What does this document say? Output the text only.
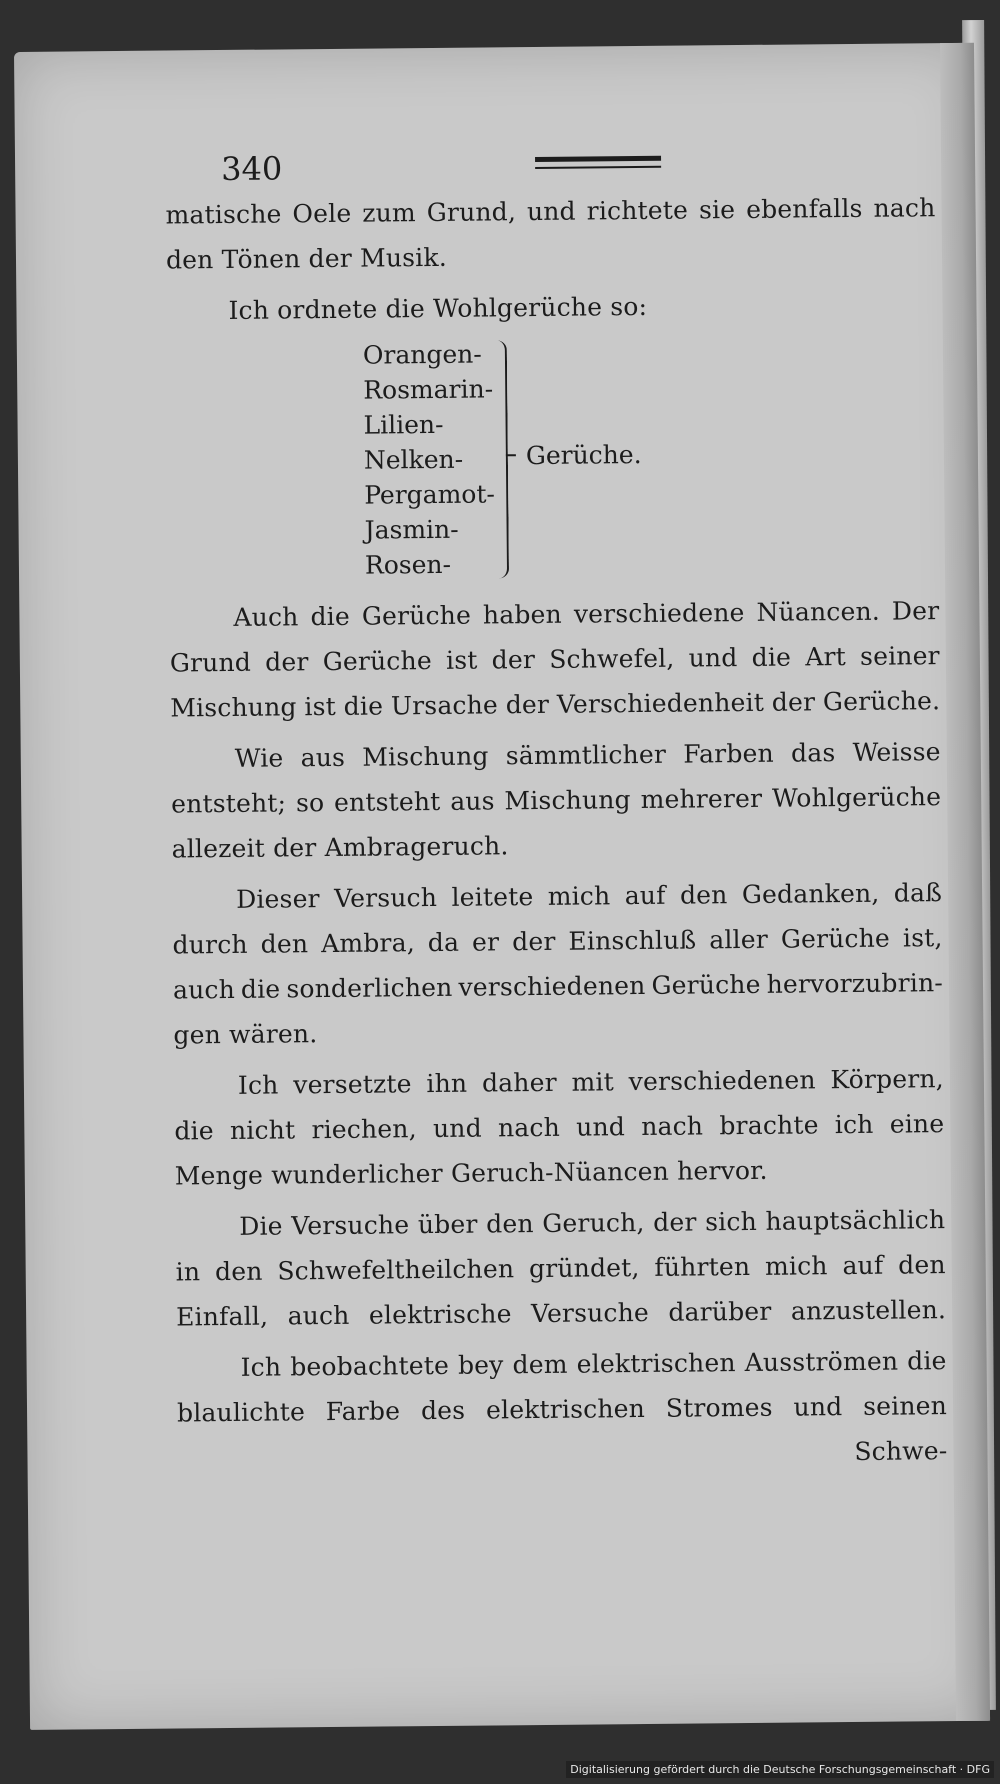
340
matische Oele zum Grund, und richtete sie ebenfalls nach
den Tönen der Musik.
Ich ordnete die Wohlgerüche so:
Orangen-
Rosmarin-
Lilien-
Nelken-
Pergamot-
Jasmin-
Rosen-
Gerüche.
Auch die Gerüche haben verschiedene Nüancen. Der
Grund der Gerüche ist der Schwefel, und die Art seiner
Mischung ist die Ursache der Verschiedenheit der Gerüche.
Wie aus Mischung sämmtlicher Farben das Weisse
entsteht; so entsteht aus Mischung mehrerer Wohlgerüche
allezeit der Ambrageruch.
Dieser Versuch leitete mich auf den Gedanken, daß
durch den Ambra, da er der Einschluß aller Gerüche ist,
auch die sonderlichen verschiedenen Gerüche hervorzubrin-
gen wären.
Ich versetzte ihn daher mit verschiedenen Körpern,
die nicht riechen, und nach und nach brachte ich eine
Menge wunderlicher Geruch-Nüancen hervor.
Die Versuche über den Geruch, der sich hauptsächlich
in den Schwefeltheilchen gründet, führten mich auf den
Einfall, auch elektrische Versuche darüber anzustellen.
Ich beobachtete bey dem elektrischen Ausströmen die
blaulichte Farbe des elektrischen Stromes und seinen
Schwe-
Digitalisierung gefördert durch die Deutsche Forschungsgemeinschaft · DFG
